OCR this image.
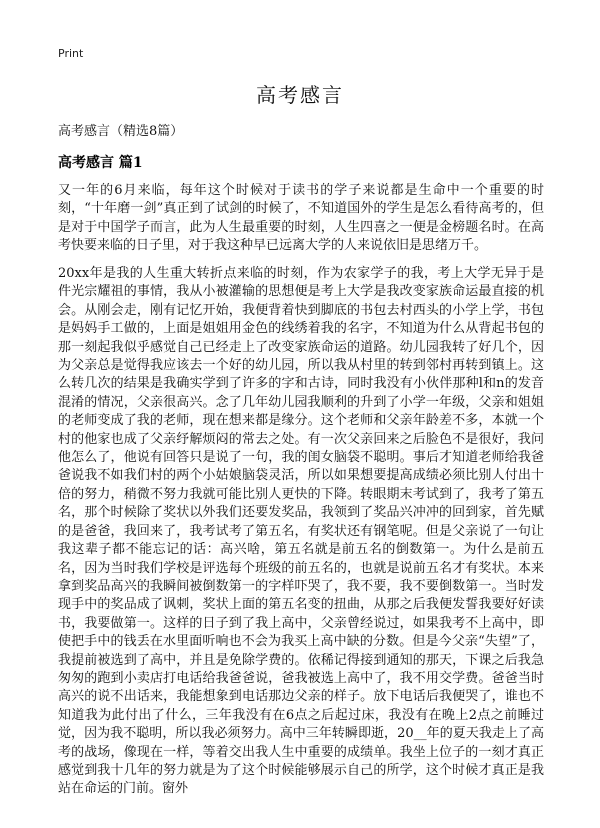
Print
高考感言
高考感言（精选8篇）
高考感言 篇1

又一年的6月来临，每年这个时候对于读书的学子来说都是生命中一个重要的时刻，“十年磨一剑”真正到了试剑的时候了，不知道国外的学生是怎么看待高考的，但是对于中国学子而言，此为人生最重要的时刻，人生四喜之一便是金榜题名时。在高考快要来临的日子里，对于我这种早已远离大学的人来说依旧是思绪万千。

20xx年是我的人生重大转折点来临的时刻，作为农家学子的我，考上大学无异于是件光宗耀祖的事情，我从小被灌输的思想便是考上大学是我改变家族命运最直接的机会。从刚会走，刚有记忆开始，我便背着快到脚底的书包去村西头的小学上学，书包是妈妈手工做的，上面是姐姐用金色的线绣着我的名字，不知道为什么从背起书包的那一刻起我似乎感觉自己已经走上了改变家族命运的道路。幼儿园我转了好几个，因为父亲总是觉得我应该去一个好的幼儿园，所以我从村里的转到邻村再转到镇上。这么转几次的结果是我确实学到了许多的字和古诗，同时我没有小伙伴那种l和n的发音混淆的情况，父亲很高兴。念了几年幼儿园我顺利的升到了小学一年级，父亲和姐姐的老师变成了我的老师，现在想来都是缘分。这个老师和父亲年龄差不多，本就一个村的他家也成了父亲纾解烦闷的常去之处。有一次父亲回来之后脸色不是很好，我问他怎么了，他说有回答只是说了一句，我的闺女脑袋不聪明。事后才知道老师给我爸爸说我不如我们村的两个小姑娘脑袋灵活，所以如果想要提高成绩必须比别人付出十倍的努力，稍微不努力我就可能比别人更快的下降。转眼期末考试到了，我考了第五名，那个时候除了奖状以外我们还要发奖品，我领到了奖品兴冲冲的回到家，首先赋的是爸爸，我回来了，我考试考了第五名，有奖状还有钢笔呢。但是父亲说了一句让我这辈子都不能忘记的话：高兴啥，第五名就是前五名的倒数第一。为什么是前五名，因为当时我们学校是评选每个班级的前五名的，也就是说前五名才有奖状。本来拿到奖品高兴的我瞬间被倒数第一的字样吓哭了，我不要，我不要倒数第一。当时发现手中的奖品成了讽刺，奖状上面的第五名变的扭曲，从那之后我便发誓我要好好读书，我要做第一。这样的日子到了我上高中，父亲曾经说过，如果我考不上高中，即使把手中的钱丢在水里面听响也不会为我买上高中缺的分数。但是今父亲“失望”了，我提前被选到了高中，并且是免除学费的。依稀记得接到通知的那天，下课之后我急匆匆的跑到小卖店打电话给我爸爸说，爸我被选上高中了，我不用交学费。爸爸当时高兴的说不出话来，我能想象到电话那边父亲的样子。放下电话后我便哭了，谁也不知道我为此付出了什么，三年我没有在6点之后起过床，我没有在晚上2点之前睡过觉，因为我不聪明，所以我必须努力。高中三年转瞬即逝，20__年的夏天我走上了高考的战场，像现在一样，等着交出我人生中重要的成绩单。我坐上位子的一刻才真正感觉到我十几年的努力就是为了这个时候能够展示自己的所学，这个时候才真正是我站在命运的门前。窗外
